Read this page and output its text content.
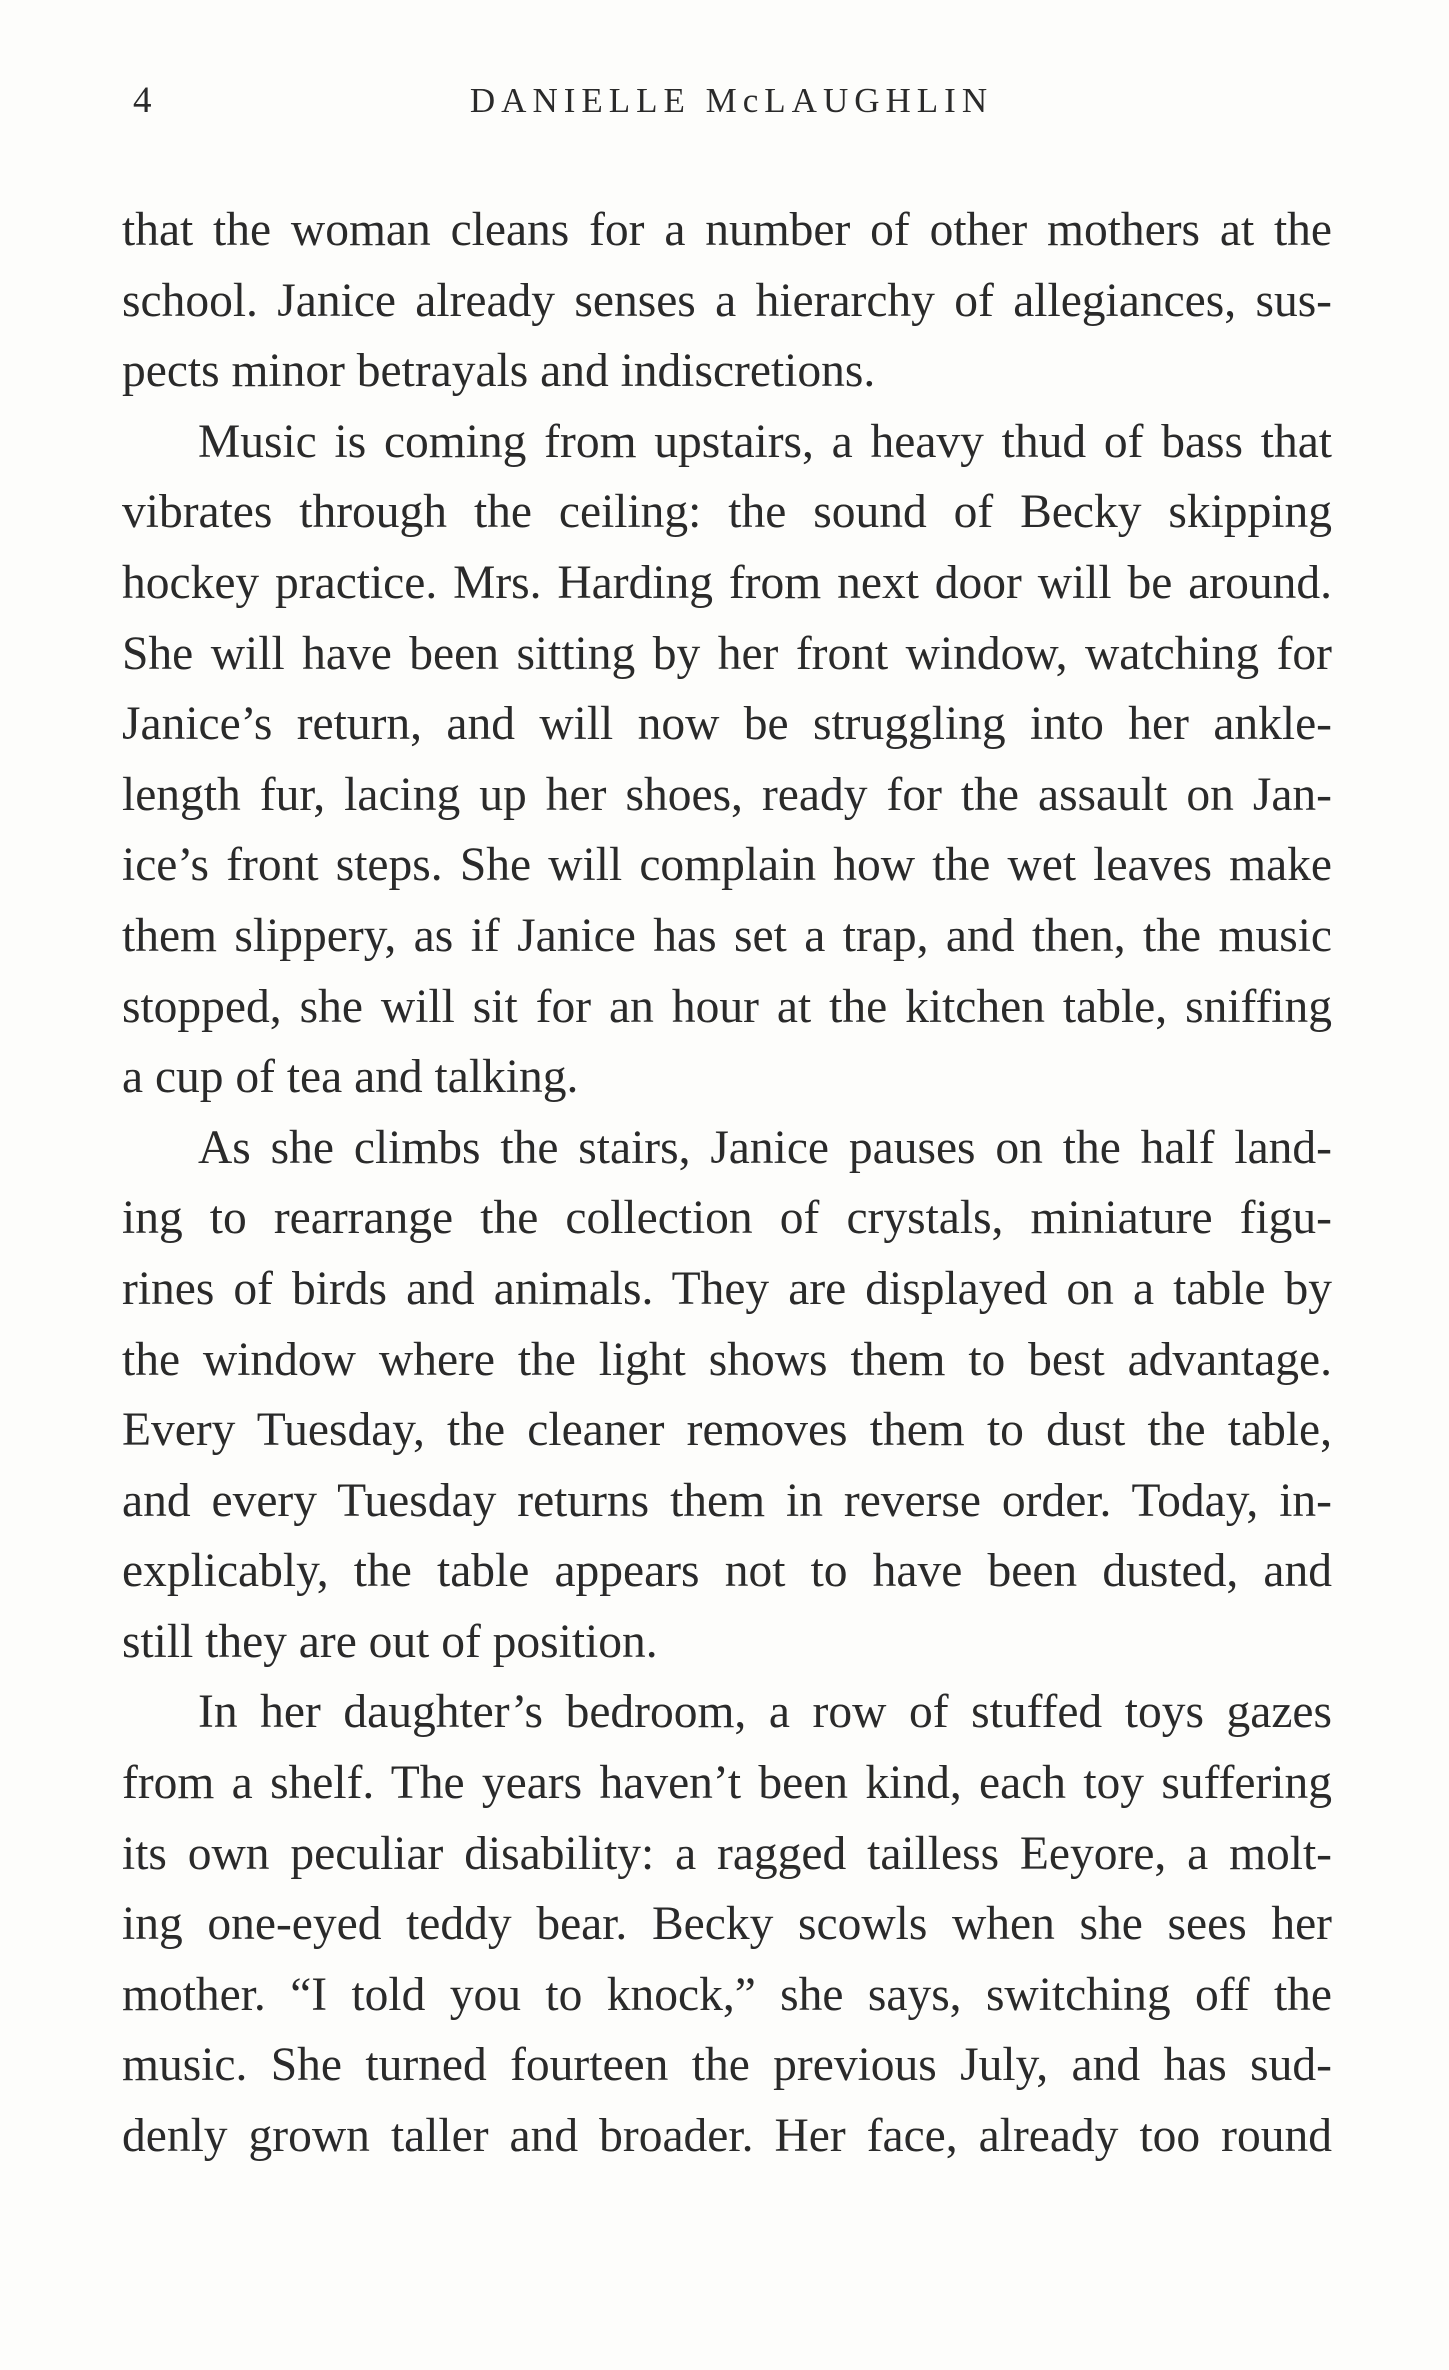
4	DANIELLE McLAUGHLIN
that the woman cleans for a number of other mothers at the
school. Janice already senses a hierarchy of allegiances, sus-
pects minor betrayals and indiscretions.
Music is coming from upstairs, a heavy thud of bass that
vibrates through the ceiling: the sound of Becky skipping
hockey practice. Mrs. Harding from next door will be around.
She will have been sitting by her front window, watching for
Janice’s return, and will now be struggling into her ankle-
length fur, lacing up her shoes, ready for the assault on Jan-
ice’s front steps. She will complain how the wet leaves make
them slippery, as if Janice has set a trap, and then, the music
stopped, she will sit for an hour at the kitchen table, sniffing
a cup of tea and talking.
As she climbs the stairs, Janice pauses on the half land-
ing to rearrange the collection of crystals, miniature figu-
rines of birds and animals. They are displayed on a table by
the window where the light shows them to best advantage.
Every Tuesday, the cleaner removes them to dust the table,
and every Tuesday returns them in reverse order. Today, in-
explicably, the table appears not to have been dusted, and
still they are out of position.
In her daughter’s bedroom, a row of stuffed toys gazes
from a shelf. The years haven’t been kind, each toy suffering
its own peculiar disability: a ragged tailless Eeyore, a molt-
ing one-eyed teddy bear. Becky scowls when she sees her
mother. “I told you to knock,” she says, switching off the
music. She turned fourteen the previous July, and has sud-
denly grown taller and broader. Her face, already too round
